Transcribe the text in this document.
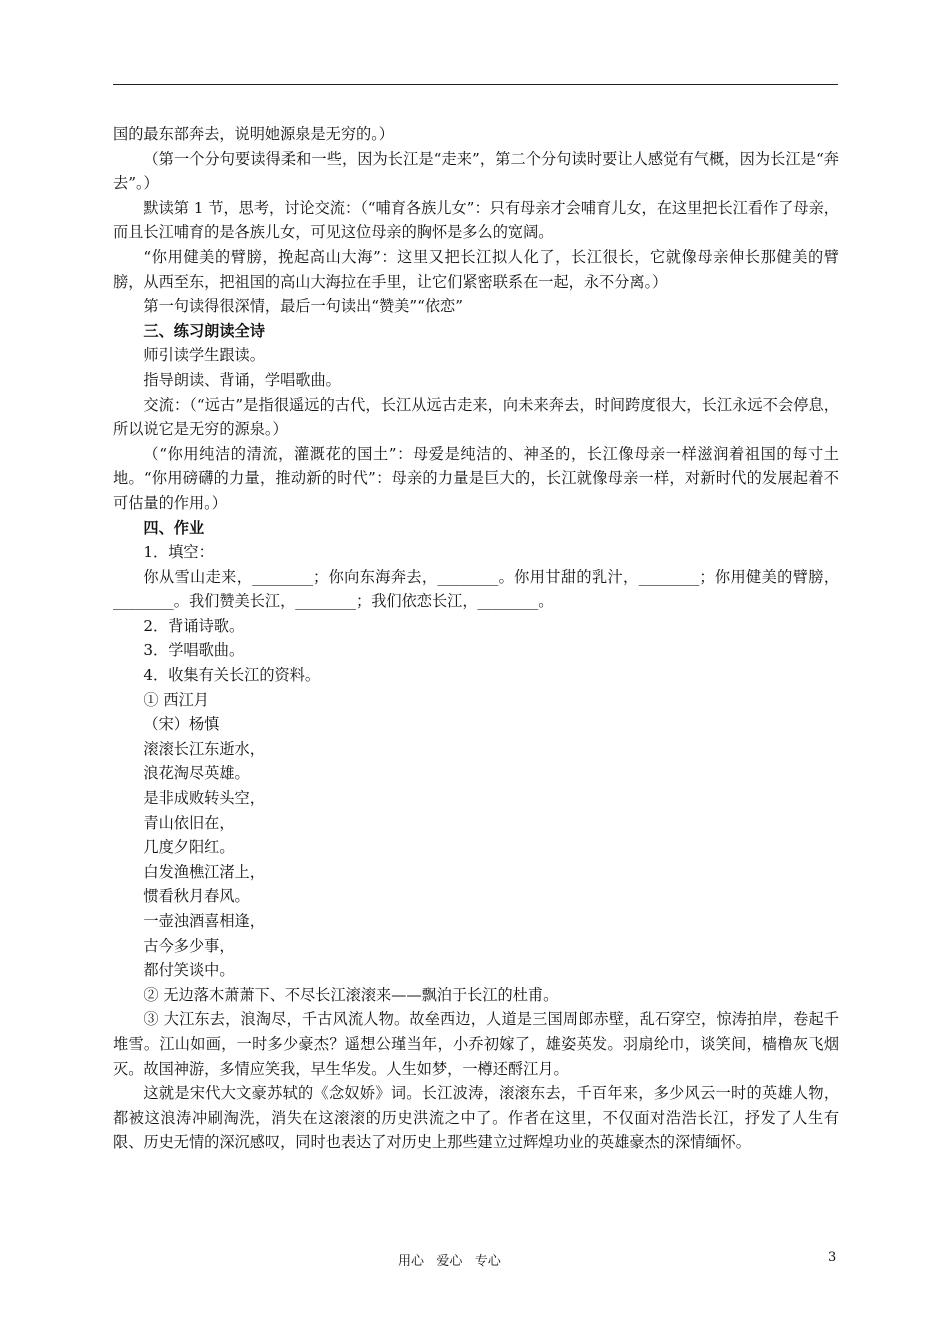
国的最东部奔去，说明她源泉是无穷的。）

（第一个分句要读得柔和一些，因为长江是“走来”，第二个分句读时要让人感觉有气概，因为长江是“奔去”。）

默读第 1 节，思考，讨论交流：（“哺育各族儿女”：只有母亲才会哺育儿女，在这里把长江看作了母亲，而且长江哺育的是各族儿女，可见这位母亲的胸怀是多么的宽阔。

“你用健美的臂膀，挽起高山大海”：这里又把长江拟人化了，长江很长，它就像母亲伸长那健美的臂膀，从西至东，把祖国的高山大海拉在手里，让它们紧密联系在一起，永不分离。）

第一句读得很深情，最后一句读出“赞美”“依恋”

三、练习朗读全诗

师引读学生跟读。

指导朗读、背诵，学唱歌曲。

交流：（“远古”是指很遥远的古代，长江从远古走来，向未来奔去，时间跨度很大，长江永远不会停息，所以说它是无穷的源泉。）

（“你用纯洁的清流，灌溉花的国土”：母爱是纯洁的、神圣的，长江像母亲一样滋润着祖国的每寸土地。“你用磅礴的力量，推动新的时代”：母亲的力量是巨大的，长江就像母亲一样，对新时代的发展起着不可估量的作用。）

四、作业

1．填空：

你从雪山走来，________；你向东海奔去，________。你用甘甜的乳汁，________；你用健美的臂膀，________。我们赞美长江，________；我们依恋长江，________。

2．背诵诗歌。

3．学唱歌曲。

4．收集有关长江的资料。

① 西江月

（宋）杨慎

滚滚长江东逝水，

浪花淘尽英雄。

是非成败转头空，

青山依旧在，

几度夕阳红。

白发渔樵江渚上，

惯看秋月春风。

一壶浊酒喜相逢，

古今多少事，

都付笑谈中。

② 无边落木萧萧下、不尽长江滚滚来——飘泊于长江的杜甫。

③ 大江东去，浪淘尽，千古风流人物。故垒西边，人道是三国周郎赤壁，乱石穿空，惊涛拍岸，卷起千堆雪。江山如画，一时多少豪杰？遥想公瑾当年，小乔初嫁了，雄姿英发。羽扇纶巾，谈笑间，樯橹灰飞烟灭。故国神游，多情应笑我，早生华发。人生如梦，一樽还酹江月。

这就是宋代大文豪苏轼的《念奴娇》词。长江波涛，滚滚东去，千百年来，多少风云一时的英雄人物，都被这浪涛冲刷淘洗，消失在这滚滚的历史洪流之中了。作者在这里，不仅面对浩浩长江，抒发了人生有限、历史无情的深沉感叹，同时也表达了对历史上那些建立过辉煌功业的英雄豪杰的深情缅怀。

用心   爱心   专心	3
